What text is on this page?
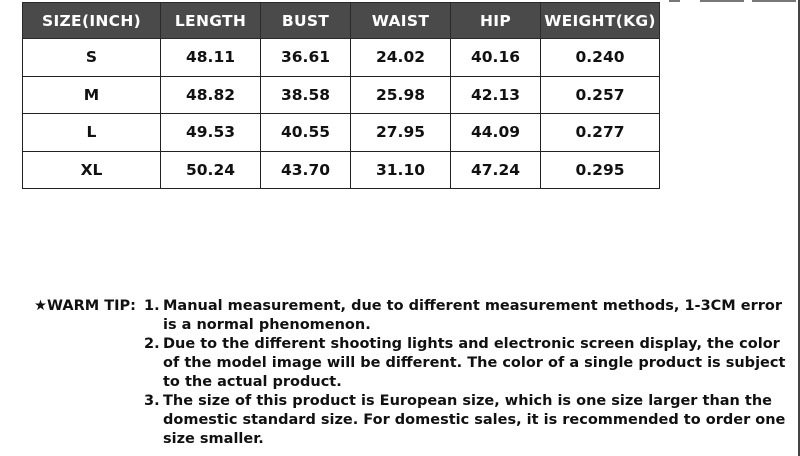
SIZE(INCH)	LENGTH	BUST	WAIST	HIP	WEIGHT(KG)
S	48.11	36.61	24.02	40.16	0.240
M	48.82	38.58	25.98	42.13	0.257
L	49.53	40.55	27.95	44.09	0.277
XL	50.24	43.70	31.10	47.24	0.295
★WARM TIP: 1. Manual measurement, due to different measurement methods, 1-3CM error is a normal phenomenon.
2. Due to the different shooting lights and electronic screen display, the color of the model image will be different. The color of a single product is subject to the actual product.
3. The size of this product is European size, which is one size larger than the domestic standard size. For domestic sales, it is recommended to order one size smaller.
